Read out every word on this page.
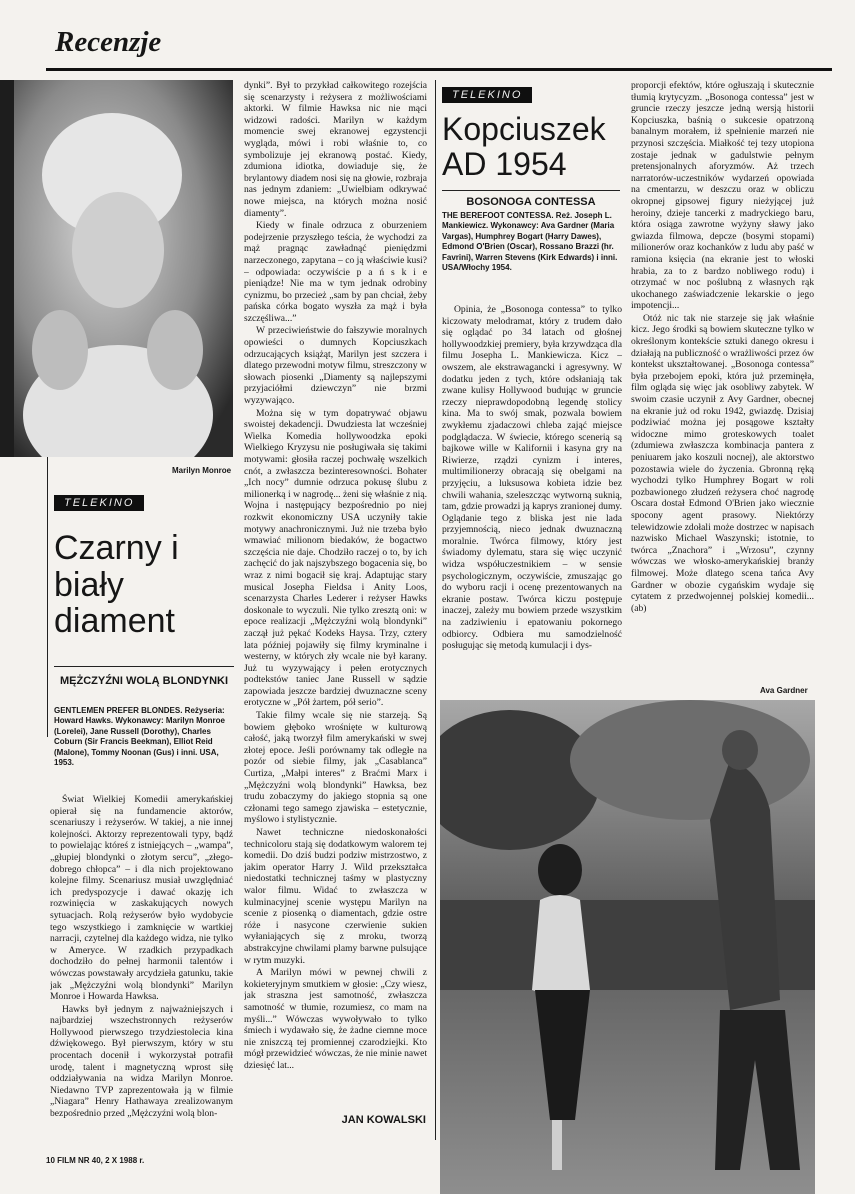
Recenzje
Marilyn Monroe
TELEKINO
Czarny i biały diament
MĘŻCZYŹNI WOLĄ BLONDYNKI

GENTLEMEN PREFER BLONDES. Reżyseria: Howard Hawks. Wykonawcy: Marilyn Monroe (Lorelei), Jane Russell (Dorothy), Charles Coburn (Sir Francis Beekman), Elliot Reid (Malone), Tommy Noonan (Gus) i inni. USA, 1953.

Świat Wielkiej Komedii amerykańskiej opierał się na fundamencie aktorów, scenariuszy i reżyserów. W takiej, a nie innej kolejności. Aktorzy reprezentowali typy, bądź to powielając któreś z istniejących – „wampa”, „głupiej blondynki o złotym sercu”, „złego-dobrego chłopca” – i dla nich projektowano kolejne filmy. Scenariusz musiał uwzględniać ich predyspozycje i dawać okazję ich rozwinięcia w zaskakujących nowych sytuacjach. Rolą reżyserów było wydobycie tego wszystkiego i zamknięcie w wartkiej narracji, czytelnej dla każdego widza, nie tylko w Ameryce. W rzadkich przypadkach dochodziło do pełnej harmonii talentów i wówczas powstawały arcydzieła gatunku, takie jak „Mężczyźni wolą blondynki” Marilyn Monroe i Howarda Hawksa.

Hawks był jednym z najważniejszych i najbardziej wszechstronnych reżyserów Hollywood pierwszego trzydziestolecia kina dźwiękowego. Był pierwszym, który w stu procentach docenił i wykorzystał potrafił urodę, talent i magnetyczną wprost siłę oddziaływania na widza Marilyn Monroe. Niedawno TVP zaprezentowała ją w filmie „Niagara” Henry Hathawaya zrealizowanym bezpośrednio przed „Mężczyźni wolą blon-

dynki”. Był to przykład całkowitego rozejścia się scenarzysty i reżysera z możliwościami aktorki. W filmie Hawksa nic nie mąci widzowi radości. Marilyn w każdym momencie swej ekranowej egzystencji wygląda, mówi i robi właśnie to, co symbolizuje jej ekranową postać. Kiedy, zdumiona idiotka, dowiaduje się, że brylantowy diadem nosi się na głowie, rozbraja nas jednym zdaniem: „Uwielbiam odkrywać nowe miejsca, na których można nosić diamenty”.

Kiedy w finale odrzuca z oburzeniem podejrzenie przyszłego teścia, że wychodzi za mąż pragnąc zawładnąć pieniędzmi narzeczonego, zapytana – co ją właściwie kusi? – odpowiada: oczywiście p a ń s k i e pieniądze! Nie ma w tym jednak odrobiny cynizmu, bo przecież „sam by pan chciał, żeby pańska córka bogato wyszła za mąż i była szczęśliwa...”

W przeciwieństwie do fałszywie moralnych opowieści o dumnych Kopciuszkach odrzucających książąt, Marilyn jest szczera i dlatego przewodni motyw filmu, streszczony w słowach piosenki „Diamenty są najlepszymi przyjaciółmi dziewczyn” nie brzmi wyzywająco.

Można się w tym dopatrywać objawu swoistej dekadencji. Dwudziesta lat wcześniej Wielka Komedia hollywoodzka epoki Wielkiego Kryzysu nie posługiwała się takimi motywami: głosiła raczej pochwałę wszelkich cnót, a zwłaszcza bezinteresowności. Bohater „Ich nocy” dumnie odrzuca pokusę ślubu z milionerką i w nagrodę... żeni się właśnie z nią. Wojna i następujący bezpośrednio po niej rozkwit ekonomiczny USA uczyniły takie motywy anachronicznymi. Już nie trzeba było wmawiać milionom biedaków, że bogactwo szczęścia nie daje. Chodziło raczej o to, by ich zachęcić do jak najszybszego bogacenia się, bo wraz z nimi bogacił się kraj. Adaptując stary musical Josepha Fieldsa i Anity Loos, scenarzysta Charles Lederer i reżyser Hawks doskonale to wyczuli. Nie tylko zresztą oni: w epoce realizacji „Mężczyźni wolą blondynki” zaczął już pękać Kodeks Haysa. Trzy, cztery lata później pojawiły się filmy kryminalne i westerny, w których zły wcale nie był karany. Już tu wyzywający i pełen erotycznych podtekstów taniec Jane Russell w sądzie zapowiada jeszcze bardziej dwuznaczne sceny erotyczne w „Pół żartem, pół serio”.

Takie filmy wcale się nie starzeją. Są bowiem głęboko wrośnięte w kulturową całość, jaką tworzył film amerykański w swej złotej epoce. Jeśli porównamy tak odległe na pozór od siebie filmy, jak „Casablanca” Curtiza, „Małpi interes” z Braćmi Marx i „Mężczyźni wolą blondynki” Hawksa, bez trudu zobaczymy do jakiego stopnia są one członami tego samego zjawiska – estetycznie, myślowo i stylistycznie.

Nawet techniczne niedoskonałości technicoloru stają się dodatkowym walorem tej komedii. Do dziś budzi podziw mistrzostwo, z jakim operator Harry J. Wild przekształca niedostatki technicznej taśmy w plastyczny walor filmu. Widać to zwłaszcza w kulminacyjnej scenie występu Marilyn na scenie z piosenką o diamentach, gdzie ostre róże i nasycone czerwienie sukien wyłaniających się z mroku, tworzą abstrakcyjne chwilami plamy barwne pulsujące w rytm muzyki.

A Marilyn mówi w pewnej chwili z kokieteryjnym smutkiem w głosie: „Czy wiesz, jak straszna jest samotność, zwłaszcza samotność w tłumie, rozumiesz, co mam na myśli...” Wówczas wywoływało to tylko śmiech i wydawało się, że żadne ciemne moce nie zniszczą tej promiennej czarodziejki. Kto mógł przewidzieć wówczas, że nie minie nawet dziesięć lat...

JAN KOWALSKI
TELEKINO
Kopciuszek AD 1954
BOSONOGA CONTESSA

THE BEREFOOT CONTESSA. Reż. Joseph L. Mankiewicz. Wykonawcy: Ava Gardner (Maria Vargas), Humphrey Bogart (Harry Dawes), Edmond O'Brien (Oscar), Rossano Brazzi (hr. Favrini), Warren Stevens (Kirk Edwards) i inni. USA/Włochy 1954.

Opinia, że „Bosonoga contessa” to tylko kiczowaty melodramat, który z trudem dało się oglądać po 34 latach od głośnej hollywoodzkiej premiery, była krzywdząca dla filmu Josepha L. Mankiewicza. Kicz – owszem, ale ekstrawagancki i agresywny. W dodatku jeden z tych, które odsłaniają tak zwane kulisy Hollywood budując w gruncie rzeczy nieprawdopodobną legendę stolicy kina. Ma to swój smak, pozwala bowiem zwykłemu zjadaczowi chleba zająć miejsce podglądacza. W świecie, którego scenerią są bajkowe wille w Kalifornii i kasyna gry na Riwierze, rządzi cynizm i interes, multimilionerzy obracają się obelgami na przyjęciu, a luksusowa kobieta idzie bez chwili wahania, szeleszcząc wytworną suknią, tam, gdzie prowadzi ją kaprys zranionej dumy. Oglądanie tego z bliska jest nie lada przyjemnością, nieco jednak dwuznaczną moralnie. Twórca filmowy, który jest świadomy dylematu, stara się więc uczynić widza współuczestnikiem – w sensie psychologicznym, oczywiście, zmuszając go do wyboru racji i ocenę prezentowanych na ekranie postaw. Twórca kiczu postępuje inaczej, zależy mu bowiem przede wszystkim na zadziwieniu i epatowaniu pokornego odbiorcy. Odbiera mu samodzielność posługując się metodą kumulacji i dys-

proporcji efektów, które ogłuszają i skutecznie tłumią krytycyzm. „Bosonoga contessa” jest w gruncie rzeczy jeszcze jedną wersją historii Kopciuszka, baśnią o sukcesie opatrzoną banalnym morałem, iż spełnienie marzeń nie przynosi szczęścia. Miałkość tej tezy utopiona zostaje jednak w gadulstwie pełnym pretensjonalnych aforyzmów. Aż trzech narratorów-uczestników wydarzeń opowiada na cmentarzu, w deszczu oraz w obliczu okropnej gipsowej figury nieżyjącej już heroiny, dzieje tancerki z madryckiego baru, która osiąga zawrotne wyżyny sławy jako gwiazda filmowa, depcze (bosymi stopami) milionerów oraz kochanków z ludu aby paść w ramiona księcia (na ekranie jest to włoski hrabia, za to z bardzo nobliwego rodu) i otrzymać w noc poślubną z własnych rąk ukochanego zaświadczenie lekarskie o jego impotencji...

Otóż nic tak nie starzeje się jak właśnie kicz. Jego środki są bowiem skuteczne tylko w określonym kontekście sztuki danego okresu i działają na publiczność o wrażliwości przez ów kontekst ukształtowanej. „Bosonoga contessa” była przebojem epoki, która już przeminęła, film ogląda się więc jak osobliwy zabytek. W swoim czasie uczynił z Avy Gardner, obecnej na ekranie już od roku 1942, gwiazdę. Dzisiaj podziwiać można jej posągowe kształty widoczne mimo groteskowych toalet (zdumiewa zwłaszcza kombinacja pantera z peniuarem jako koszuli nocnej), ale aktorstwo pozostawia wiele do życzenia. Gbronną ręką wychodzi tylko Humphrey Bogart w roli pozbawionego złudzeń reżysera choć nagrodę Oscara dostał Edmond O'Brien jako wiecznie spocony agent prasowy. Niektórzy telewidzowie zdołali może dostrzec w napisach nazwisko Michael Waszynski; istotnie, to twórca „Znachora” i „Wrzosu”, czynny wówczas we włosko-amerykańskiej branży filmowej. Może dlatego scena tańca Avy Gardner w obozie cygańskim wydaje się cytatem z przedwojennej polskiej komedii... (ab)

Ava Gardner
10 FILM NR 40, 2 X 1988 r.
